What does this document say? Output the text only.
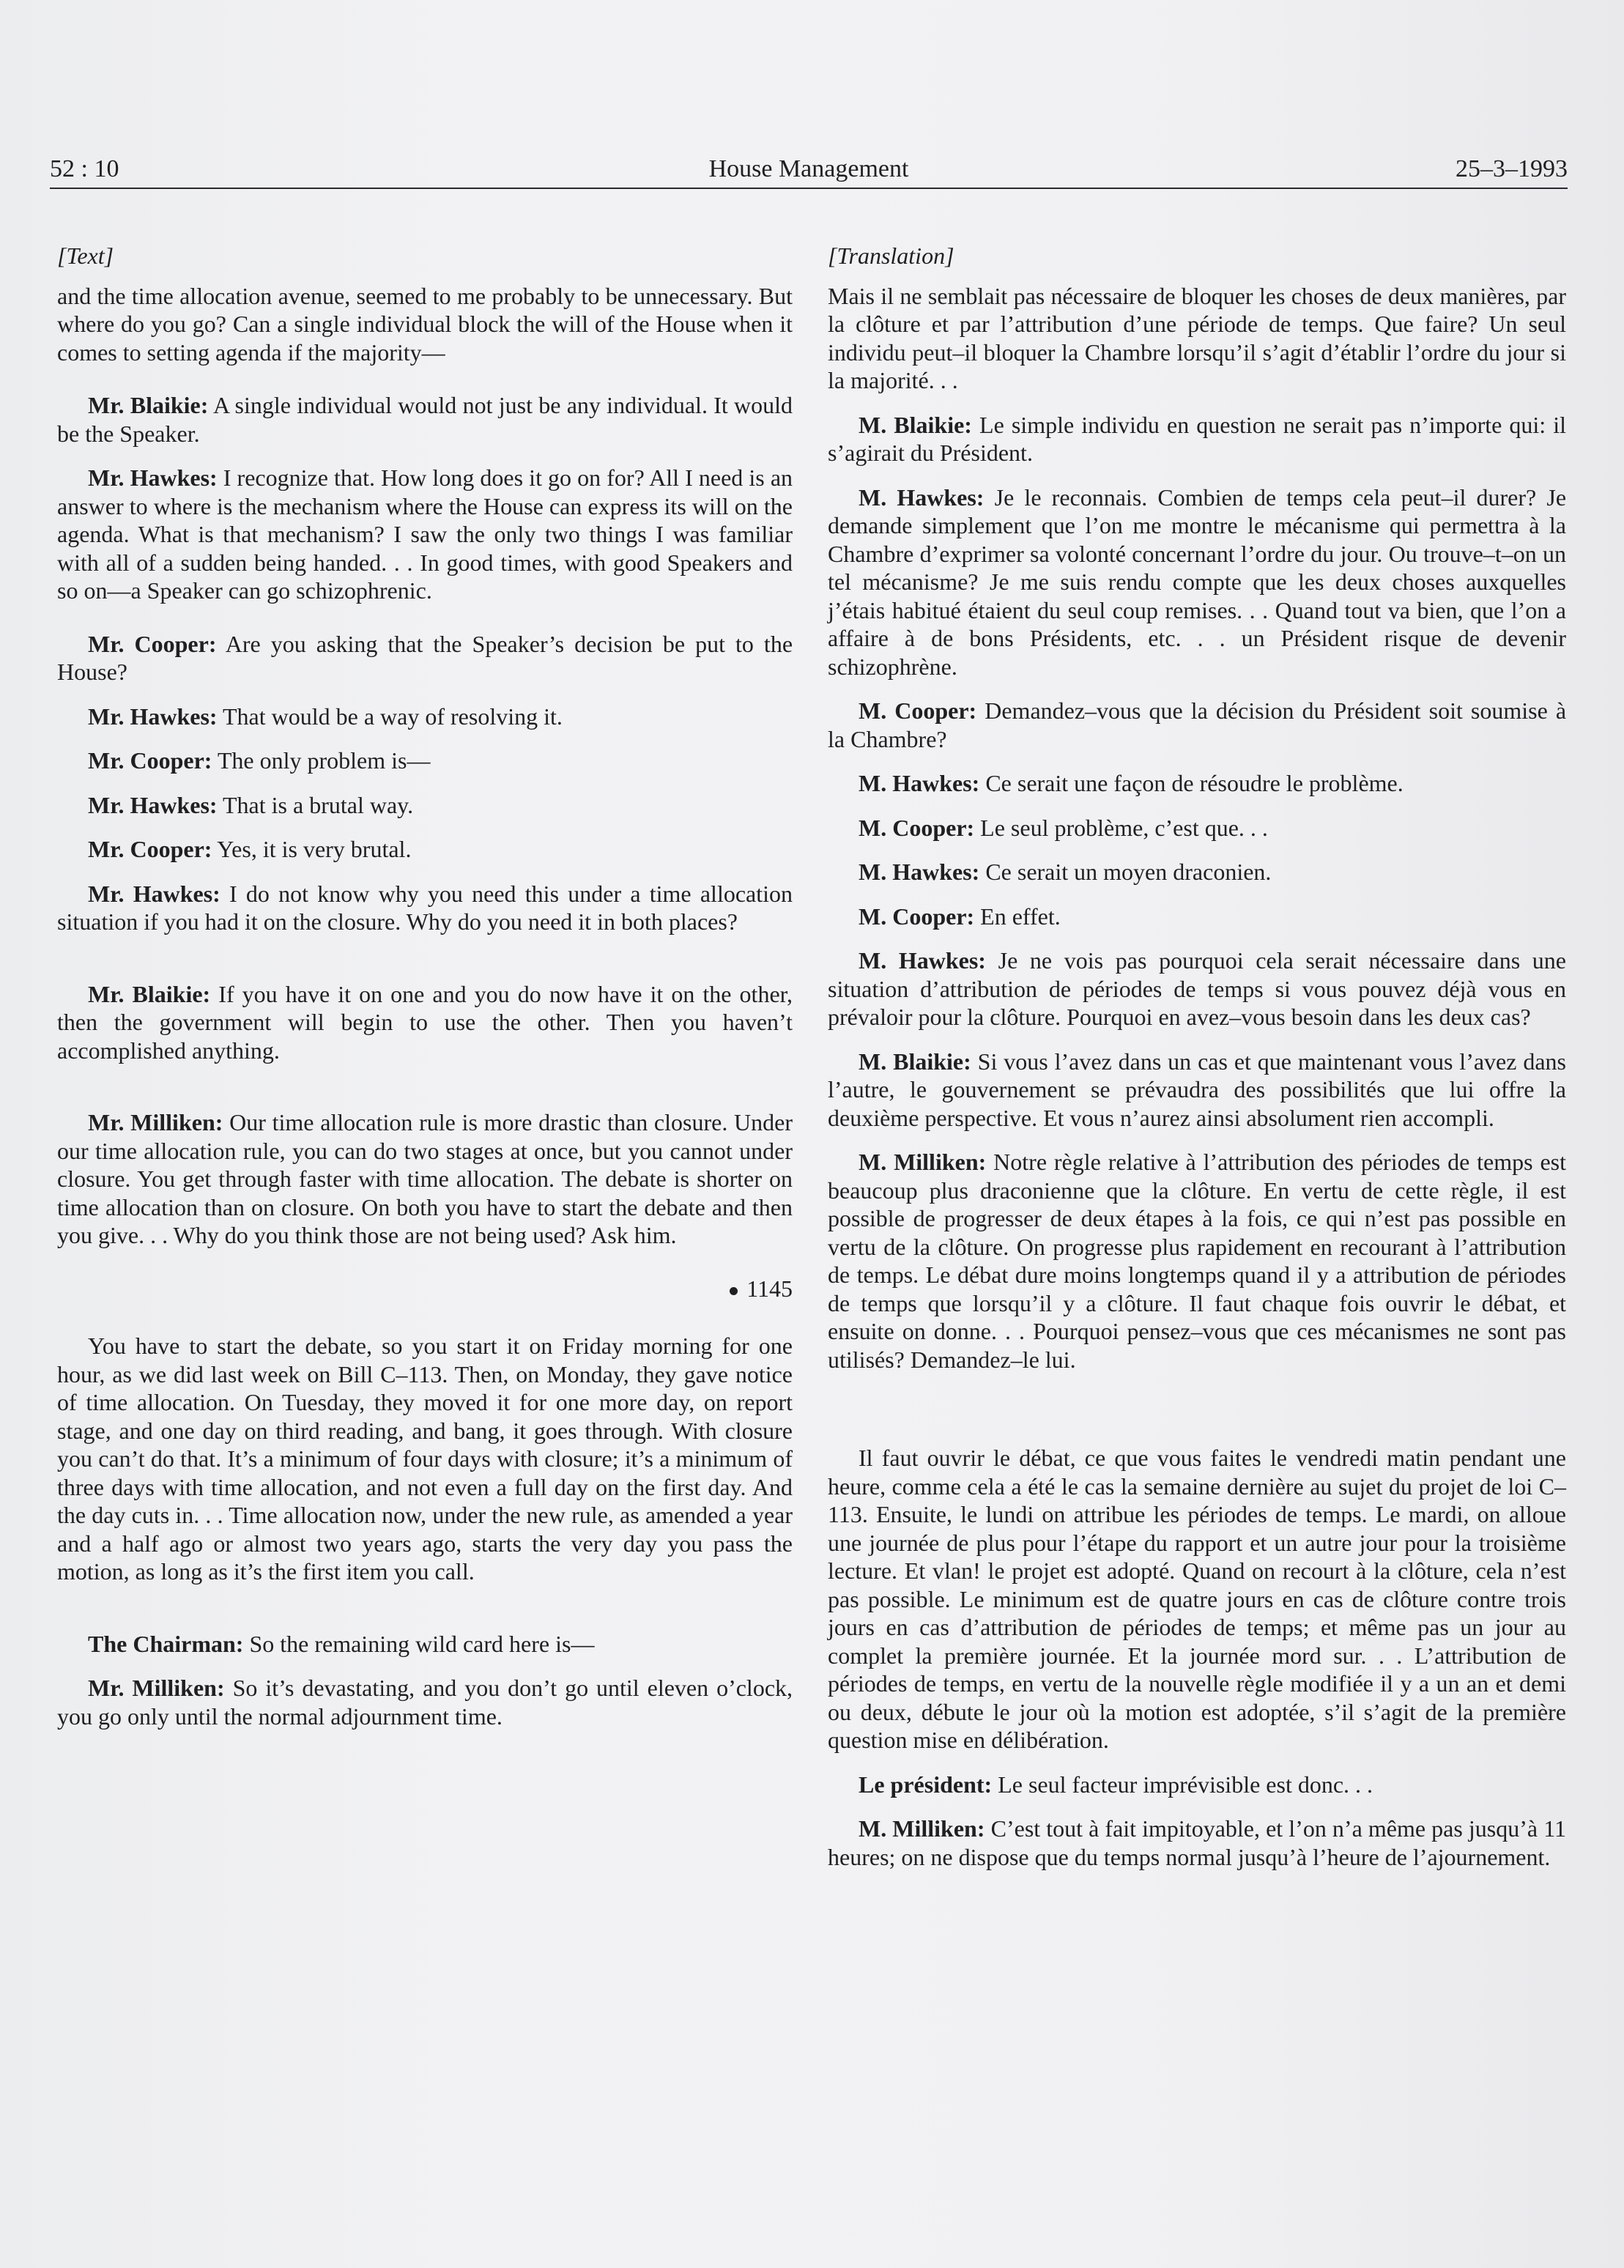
52 : 10	House Management	25–3–1993

[Text]

and the time allocation avenue, seemed to me probably to be unnecessary. But where do you go? Can a single individual block the will of the House when it comes to setting agenda if the majority—

Mr. Blaikie: A single individual would not just be any individual. It would be the Speaker.

Mr. Hawkes: I recognize that. How long does it go on for? All I need is an answer to where is the mechanism where the House can express its will on the agenda. What is that mechanism? I saw the only two things I was familiar with all of a sudden being handed. . . In good times, with good Speakers and so on—a Speaker can go schizophrenic.

Mr. Cooper: Are you asking that the Speaker’s decision be put to the House?

Mr. Hawkes: That would be a way of resolving it.

Mr. Cooper: The only problem is—

Mr. Hawkes: That is a brutal way.

Mr. Cooper: Yes, it is very brutal.

Mr. Hawkes: I do not know why you need this under a time allocation situation if you had it on the closure. Why do you need it in both places?

Mr. Blaikie: If you have it on one and you do now have it on the other, then the government will begin to use the other. Then you haven’t accomplished anything.

Mr. Milliken: Our time allocation rule is more drastic than closure. Under our time allocation rule, you can do two stages at once, but you cannot under closure. You get through faster with time allocation. The debate is shorter on time allocation than on closure. On both you have to start the debate and then you give. . . Why do you think those are not being used? Ask him.

1145

You have to start the debate, so you start it on Friday morning for one hour, as we did last week on Bill C–113. Then, on Monday, they gave notice of time allocation. On Tuesday, they moved it for one more day, on report stage, and one day on third reading, and bang, it goes through. With closure you can’t do that. It’s a minimum of four days with closure; it’s a minimum of three days with time allocation, and not even a full day on the first day. And the day cuts in. . . Time allocation now, under the new rule, as amended a year and a half ago or almost two years ago, starts the very day you pass the motion, as long as it’s the first item you call.

The Chairman: So the remaining wild card here is—

Mr. Milliken: So it’s devastating, and you don’t go until eleven o’clock, you go only until the normal adjournment time.

[Translation]

Mais il ne semblait pas nécessaire de bloquer les choses de deux manières, par la clôture et par l’attribution d’une période de temps. Que faire? Un seul individu peut–il bloquer la Chambre lorsqu’il s’agit d’établir l’ordre du jour si la majorité. . .

M. Blaikie: Le simple individu en question ne serait pas n’importe qui: il s’agirait du Président.

M. Hawkes: Je le reconnais. Combien de temps cela peut–il durer? Je demande simplement que l’on me montre le mécanisme qui permettra à la Chambre d’exprimer sa volonté concernant l’ordre du jour. Ou trouve–t–on un tel mécanisme? Je me suis rendu compte que les deux choses auxquelles j’étais habitué étaient du seul coup remises. . . Quand tout va bien, que l’on a affaire à de bons Présidents, etc. . . un Président risque de devenir schizophrène.

M. Cooper: Demandez–vous que la décision du Président soit soumise à la Chambre?

M. Hawkes: Ce serait une façon de résoudre le problème.

M. Cooper: Le seul problème, c’est que. . .

M. Hawkes: Ce serait un moyen draconien.

M. Cooper: En effet.

M. Hawkes: Je ne vois pas pourquoi cela serait nécessaire dans une situation d’attribution de périodes de temps si vous pouvez déjà vous en prévaloir pour la clôture. Pourquoi en avez–vous besoin dans les deux cas?

M. Blaikie: Si vous l’avez dans un cas et que maintenant vous l’avez dans l’autre, le gouvernement se prévaudra des possibilités que lui offre la deuxième perspective. Et vous n’aurez ainsi absolument rien accompli.

M. Milliken: Notre règle relative à l’attribution des périodes de temps est beaucoup plus draconienne que la clôture. En vertu de cette règle, il est possible de progresser de deux étapes à la fois, ce qui n’est pas possible en vertu de la clôture. On progresse plus rapidement en recourant à l’attribution de temps. Le débat dure moins longtemps quand il y a attribution de périodes de temps que lorsqu’il y a clôture. Il faut chaque fois ouvrir le débat, et ensuite on donne. . . Pourquoi pensez–vous que ces mécanismes ne sont pas utilisés? Demandez–le lui.

Il faut ouvrir le débat, ce que vous faites le vendredi matin pendant une heure, comme cela a été le cas la semaine dernière au sujet du projet de loi C–113. Ensuite, le lundi on attribue les périodes de temps. Le mardi, on alloue une journée de plus pour l’étape du rapport et un autre jour pour la troisième lecture. Et vlan! le projet est adopté. Quand on recourt à la clôture, cela n’est pas possible. Le minimum est de quatre jours en cas de clôture contre trois jours en cas d’attribution de périodes de temps; et même pas un jour au complet la première journée. Et la journée mord sur. . . L’attribution de périodes de temps, en vertu de la nouvelle règle modifiée il y a un an et demi ou deux, débute le jour où la motion est adoptée, s’il s’agit de la première question mise en délibération.

Le président: Le seul facteur imprévisible est donc. . .

M. Milliken: C’est tout à fait impitoyable, et l’on n’a même pas jusqu’à 11 heures; on ne dispose que du temps normal jusqu’à l’heure de l’ajournement.
